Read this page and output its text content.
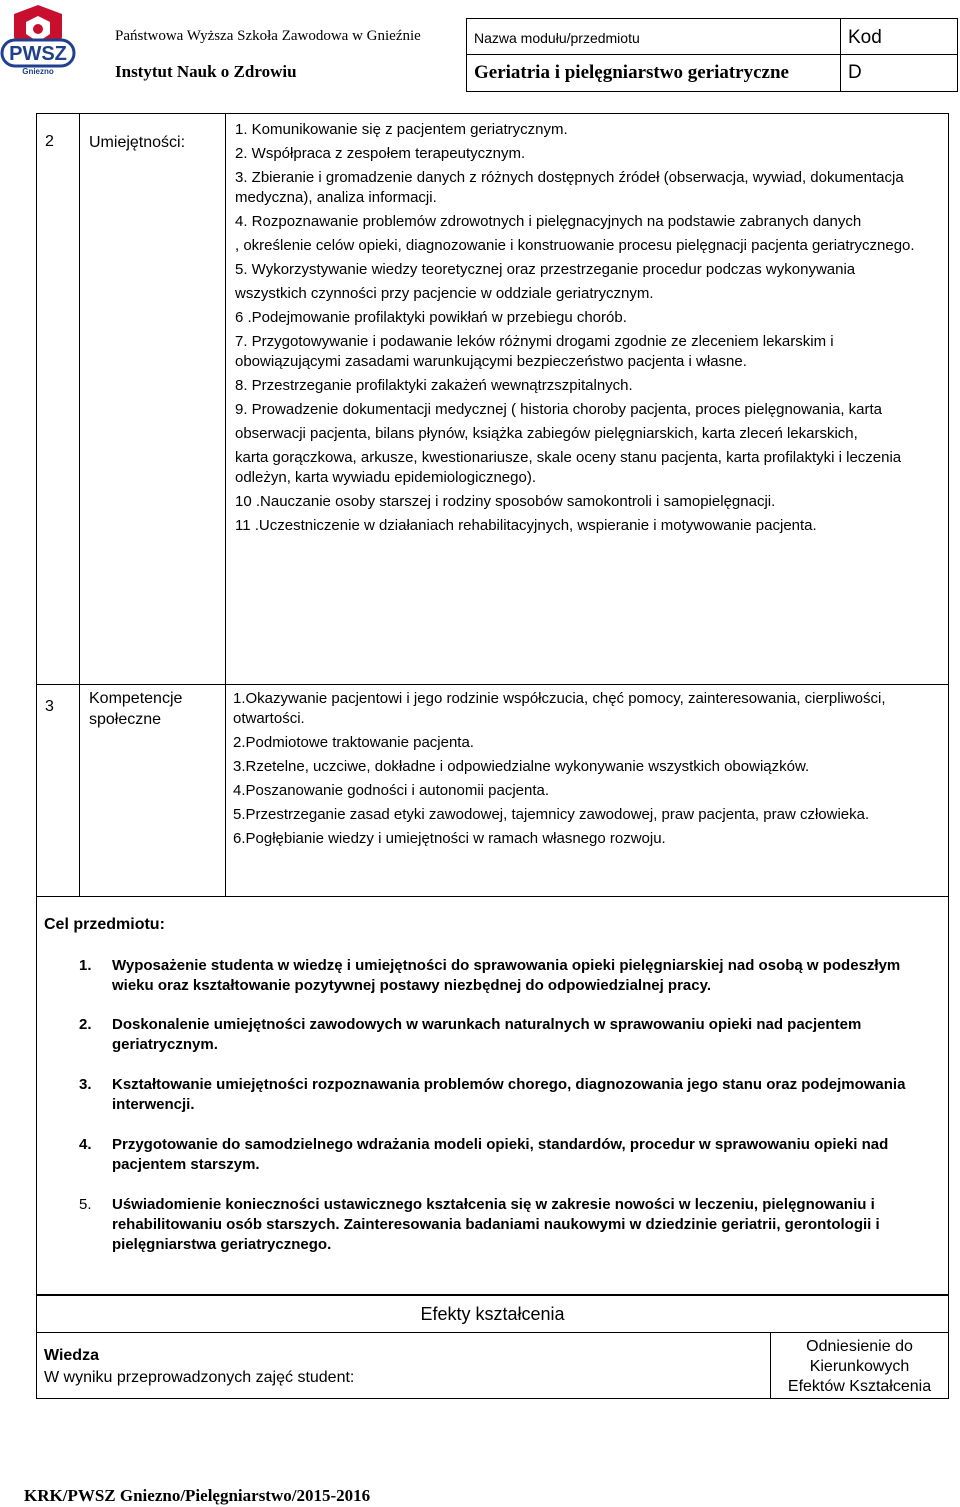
PWSZ
Gniezno
Państwowa Wyższa Szkoła Zawodowa w Gnieźnie
Instytut Nauk o Zdrowiu
Nazwa modułu/przedmiotu	Kod
Geriatria i pielęgniarstwo geriatryczne	D
2 Umiejętności:
1. Komunikowanie się z pacjentem geriatrycznym.
2. Współpraca z zespołem terapeutycznym.
3. Zbieranie i gromadzenie danych z różnych dostępnych źródeł (obserwacja, wywiad, dokumentacja medyczna), analiza informacji.
4. Rozpoznawanie problemów zdrowotnych i pielęgnacyjnych na podstawie zabranych danych
, określenie celów opieki, diagnozowanie i konstruowanie procesu pielęgnacji pacjenta geriatrycznego.
5. Wykorzystywanie wiedzy teoretycznej oraz przestrzeganie procedur podczas wykonywania
wszystkich czynności przy pacjencie w oddziale geriatrycznym.
6 .Podejmowanie profilaktyki powikłań w przebiegu chorób.
7. Przygotowywanie i podawanie leków różnymi drogami zgodnie ze zleceniem lekarskim i obowiązującymi zasadami warunkującymi bezpieczeństwo pacjenta i własne.
8. Przestrzeganie profilaktyki zakażeń wewnątrzszpitalnych.
9. Prowadzenie dokumentacji medycznej ( historia choroby pacjenta, proces pielęgnowania, karta
obserwacji pacjenta, bilans płynów, książka zabiegów pielęgniarskich, karta zleceń lekarskich,
karta gorączkowa, arkusze, kwestionariusze, skale oceny stanu pacjenta, karta profilaktyki i leczenia odleżyn, karta wywiadu epidemiologicznego).
10 .Nauczanie osoby starszej i rodziny sposobów samokontroli i samopielęgnacji.
11 .Uczestniczenie w działaniach rehabilitacyjnych, wspieranie i motywowanie pacjenta.
3 Kompetencje
społeczne
1.Okazywanie pacjentowi i jego rodzinie współczucia, chęć pomocy, zainteresowania, cierpliwości, otwartości.
2.Podmiotowe traktowanie pacjenta.
3.Rzetelne, uczciwe, dokładne i odpowiedzialne wykonywanie wszystkich obowiązków.
4.Poszanowanie godności i autonomii pacjenta.
5.Przestrzeganie zasad etyki zawodowej, tajemnicy zawodowej, praw pacjenta, praw człowieka.
6.Pogłębianie wiedzy i umiejętności w ramach własnego rozwoju.
Cel przedmiotu:
1. Wyposażenie studenta w wiedzę i umiejętności do sprawowania opieki pielęgniarskiej nad osobą w podeszłym wieku oraz kształtowanie pozytywnej postawy niezbędnej do odpowiedzialnej pracy.
2. Doskonalenie umiejętności zawodowych w warunkach naturalnych w sprawowaniu opieki nad pacjentem geriatrycznym.
3. Kształtowanie umiejętności rozpoznawania problemów chorego, diagnozowania jego stanu oraz podejmowania interwencji.
4. Przygotowanie do samodzielnego wdrażania modeli opieki, standardów, procedur w sprawowaniu opieki nad pacjentem starszym.
5. Uświadomienie konieczności ustawicznego kształcenia się w zakresie nowości w leczeniu, pielęgnowaniu i rehabilitowaniu osób starszych. Zainteresowania badaniami naukowymi w dziedzinie geriatrii, gerontologii i pielęgniarstwa geriatrycznego.
Efekty kształcenia
Wiedza
W wyniku przeprowadzonych zajęć student:
Odniesienie do
Kierunkowych
Efektów Kształcenia
KRK/PWSZ Gniezno/Pielęgniarstwo/2015-2016
